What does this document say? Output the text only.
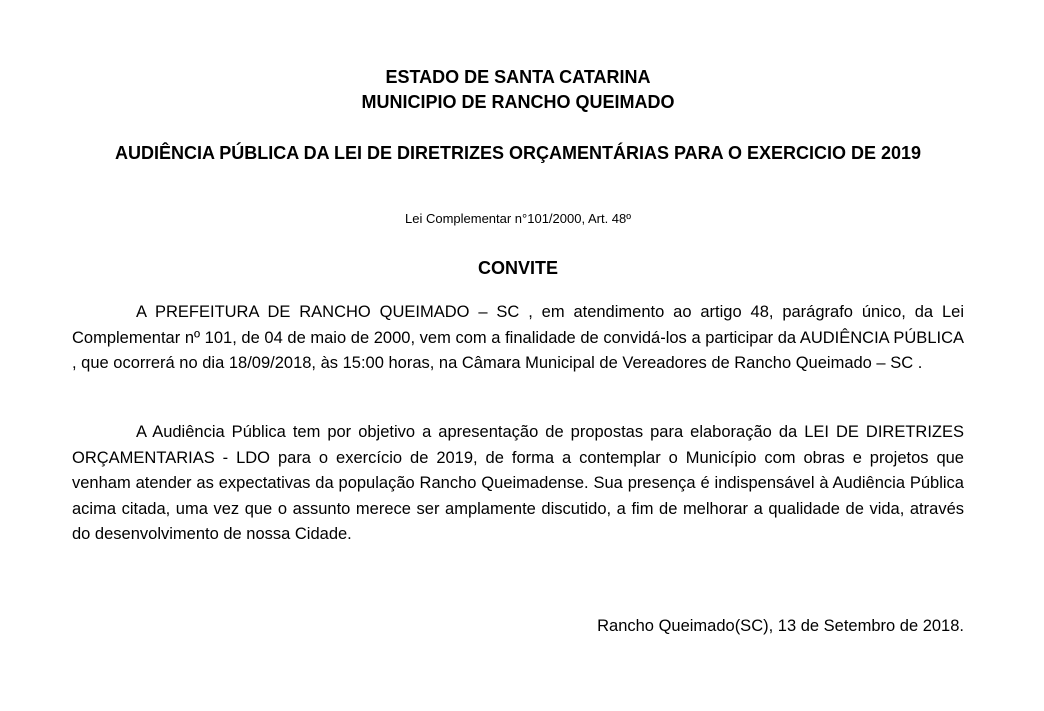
ESTADO DE SANTA CATARINA

MUNICIPIO DE RANCHO QUEIMADO

AUDIÊNCIA PÚBLICA DA LEI DE DIRETRIZES ORÇAMENTÁRIAS PARA O EXERCICIO DE 2019

Lei Complementar n°101/2000, Art. 48º

CONVITE

A PREFEITURA DE RANCHO QUEIMADO – SC , em atendimento ao artigo 48, parágrafo único, da Lei Complementar nº 101, de 04 de maio de 2000, vem com a finalidade de convidá-los a participar da AUDIÊNCIA PÚBLICA , que ocorrerá no dia 18/09/2018, às 15:00 horas, na Câmara Municipal de Vereadores de Rancho Queimado – SC .

A Audiência Pública tem por objetivo a apresentação de propostas para elaboração da LEI DE DIRETRIZES ORÇAMENTARIAS - LDO para o exercício de 2019, de forma a contemplar o Município com obras e projetos que venham atender as expectativas da população Rancho Queimadense. Sua presença é indispensável à Audiência Pública acima citada, uma vez que o assunto merece ser amplamente discutido, a fim de melhorar a qualidade de vida, através do desenvolvimento de nossa Cidade.

Rancho Queimado(SC), 13 de Setembro de 2018.
